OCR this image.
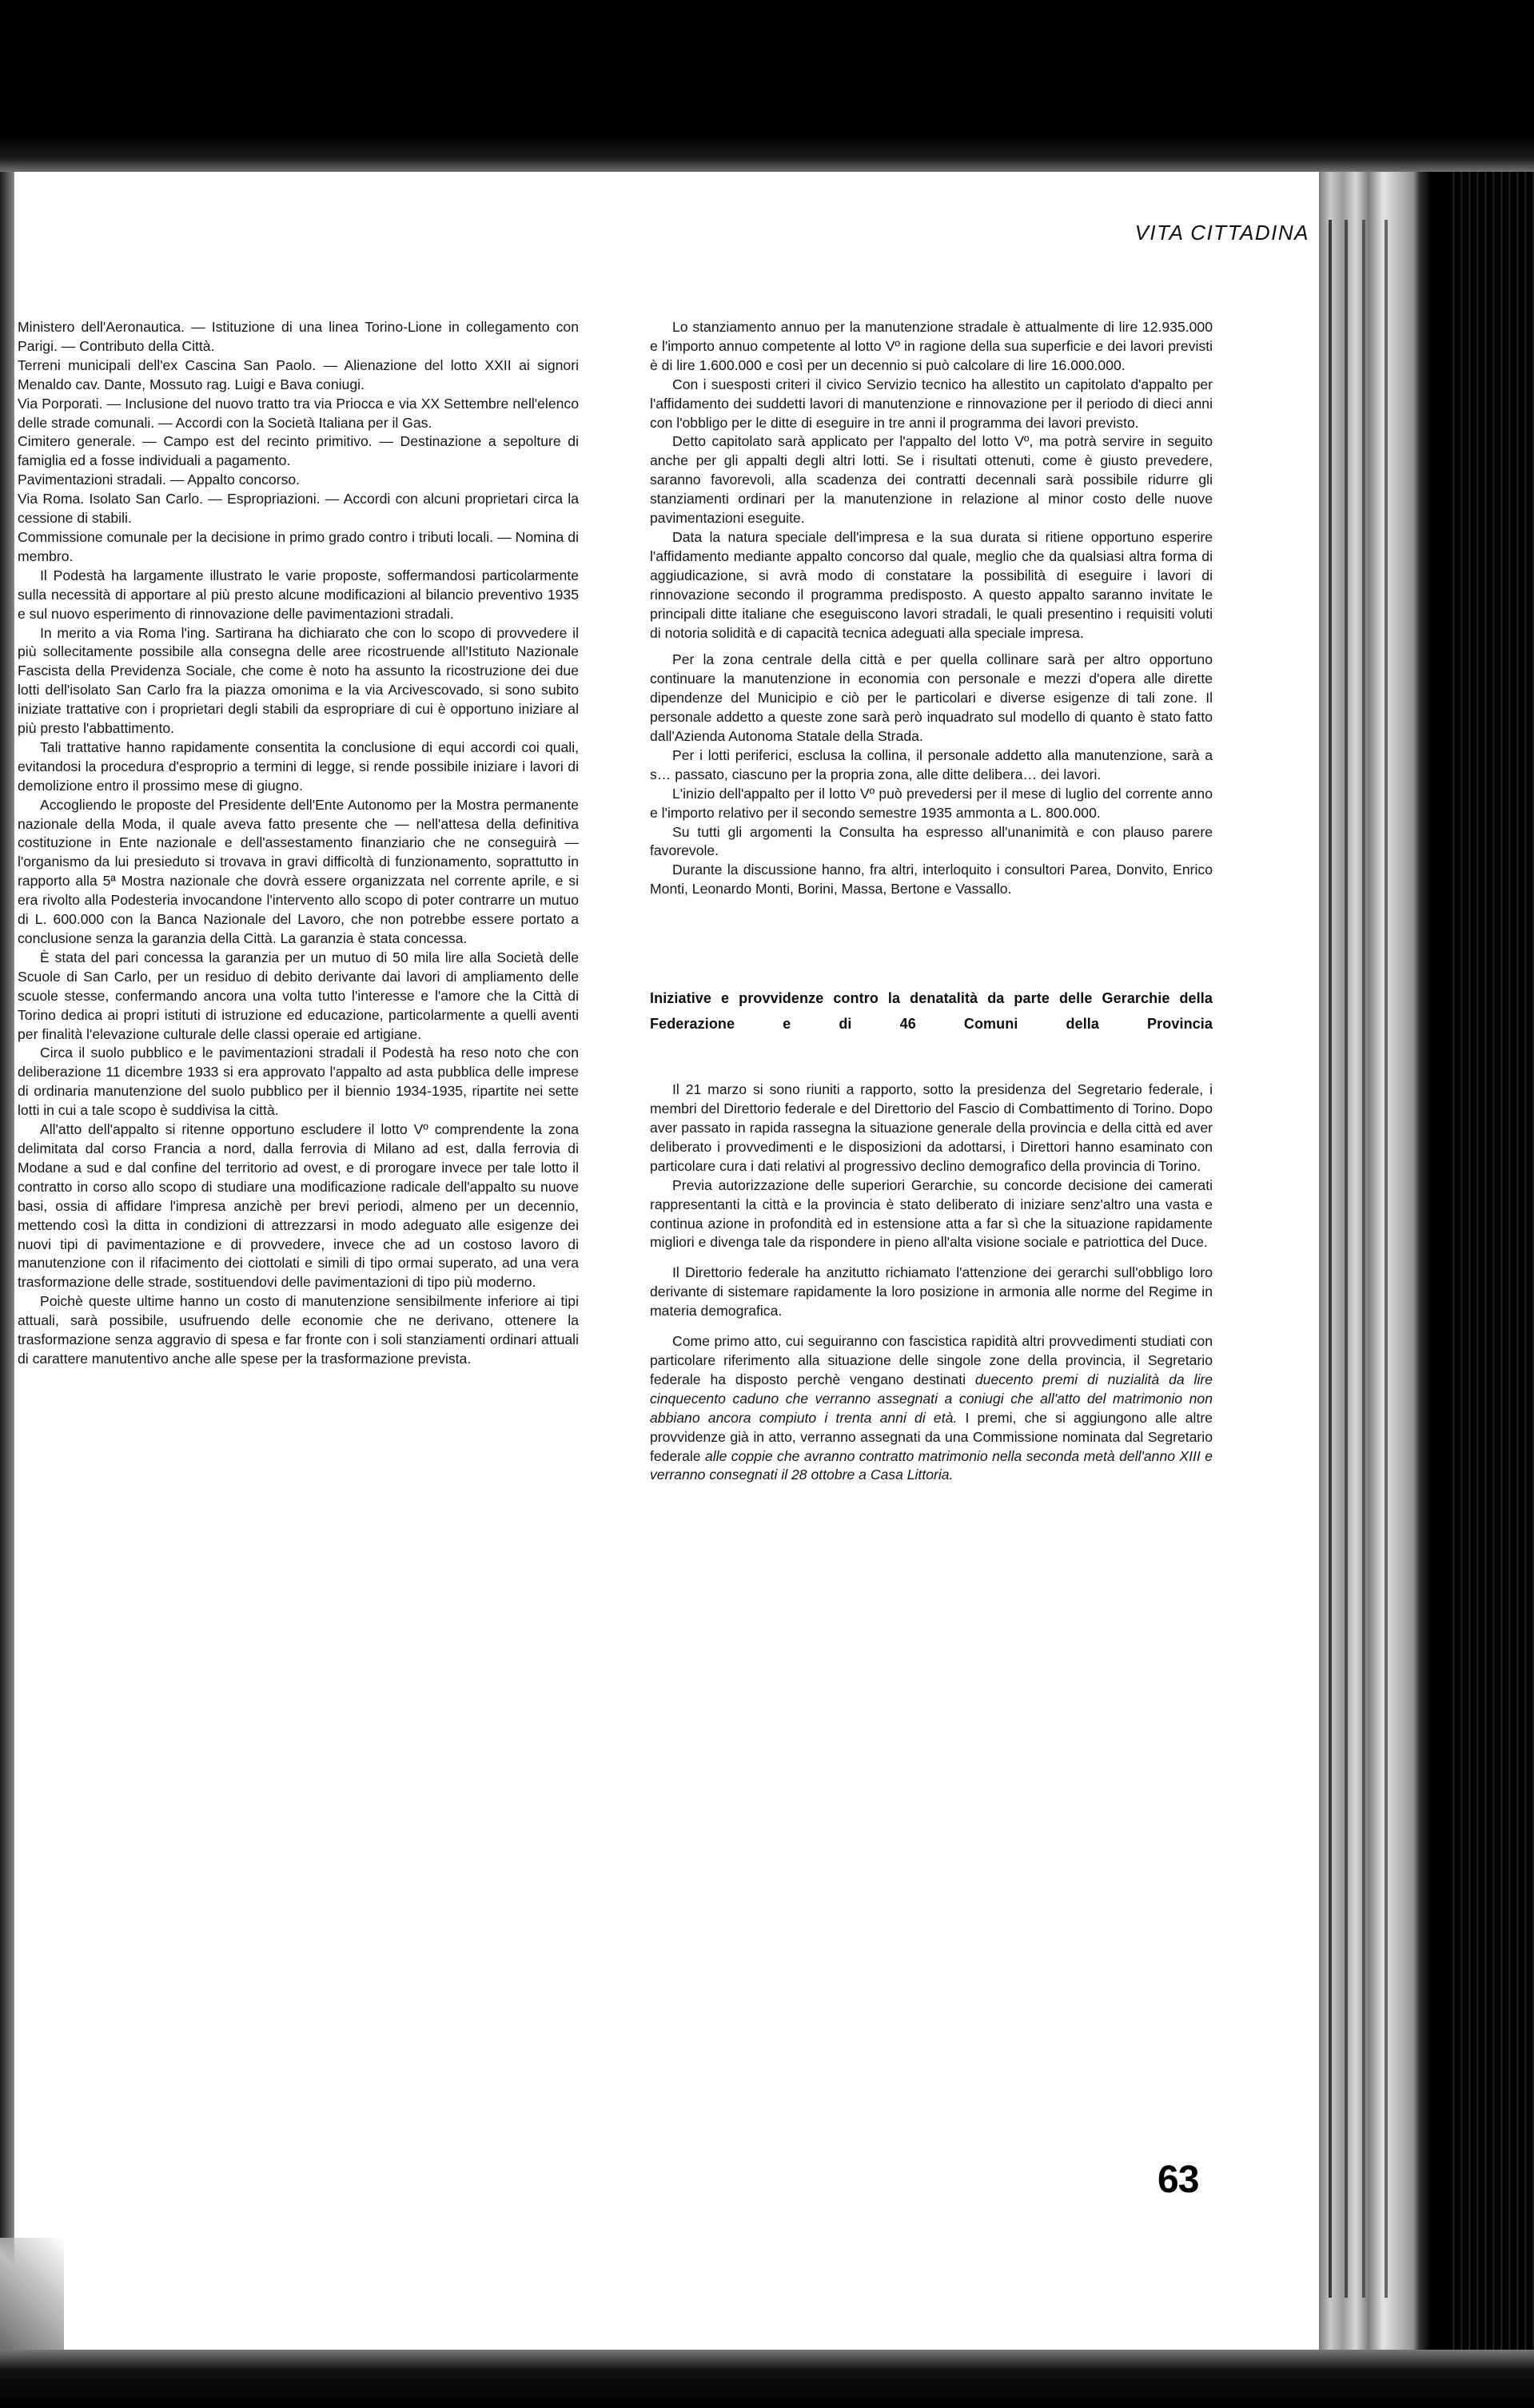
VITA CITTADINA

Ministero dell'Aeronautica. — Istituzione di una linea Torino-Lione in collegamento con Parigi. — Contributo della Città.

Terreni municipali dell'ex Cascina San Paolo. — Alienazione del lotto XXII ai signori Menaldo cav. Dante, Mossuto rag. Luigi e Bava coniugi.

Via Porporati. — Inclusione del nuovo tratto tra via Priocca e via XX Settembre nell'elenco delle strade comunali. — Accordi con la Società Italiana per il Gas.

Cimitero generale. — Campo est del recinto primitivo. — Destinazione a sepolture di famiglia ed a fosse individuali a pagamento.

Pavimentazioni stradali. — Appalto concorso.

Via Roma. Isolato San Carlo. — Espropriazioni. — Accordi con alcuni proprietari circa la cessione di stabili.

Commissione comunale per la decisione in primo grado contro i tributi locali. — Nomina di membro.

Il Podestà ha largamente illustrato le varie proposte, soffermandosi particolarmente sulla necessità di apportare al più presto alcune modificazioni al bilancio preventivo 1935 e sul nuovo esperimento di rinnovazione delle pavimentazioni stradali.

In merito a via Roma l'ing. Sartirana ha dichiarato che con lo scopo di provvedere il più sollecitamente possibile alla consegna delle aree ricostruende all'Istituto Nazionale Fascista della Previdenza Sociale, che come è noto ha assunto la ricostruzione dei due lotti dell'isolato San Carlo fra la piazza omonima e la via Arcivescovado, si sono subito iniziate trattative con i proprietari degli stabili da espropriare di cui è opportuno iniziare al più presto l'abbattimento.

Tali trattative hanno rapidamente consentita la conclusione di equi accordi coi quali, evitandosi la procedura d'esproprio a termini di legge, si rende possibile iniziare i lavori di demolizione entro il prossimo mese di giugno.

Accogliendo le proposte del Presidente dell'Ente Autonomo per la Mostra permanente nazionale della Moda, il quale aveva fatto presente che — nell'attesa della definitiva costituzione in Ente nazionale e dell'assestamento finanziario che ne conseguirà — l'organismo da lui presieduto si trovava in gravi difficoltà di funzionamento, soprattutto in rapporto alla 5ª Mostra nazionale che dovrà essere organizzata nel corrente aprile, e si era rivolto alla Podesteria invocandone l'intervento allo scopo di poter contrarre un mutuo di L. 600.000 con la Banca Nazionale del Lavoro, che non potrebbe essere portato a conclusione senza la garanzia della Città. La garanzia è stata concessa.

È stata del pari concessa la garanzia per un mutuo di 50 mila lire alla Società delle Scuole di San Carlo, per un residuo di debito derivante dai lavori di ampliamento delle scuole stesse, confermando ancora una volta tutto l'interesse e l'amore che la Città di Torino dedica ai propri istituti di istruzione ed educazione, particolarmente a quelli aventi per finalità l'elevazione culturale delle classi operaie ed artigiane.

Circa il suolo pubblico e le pavimentazioni stradali il Podestà ha reso noto che con deliberazione 11 dicembre 1933 si era approvato l'appalto ad asta pubblica delle imprese di ordinaria manutenzione del suolo pubblico per il biennio 1934-1935, ripartite nei sette lotti in cui a tale scopo è suddivisa la città.

All'atto dell'appalto si ritenne opportuno escludere il lotto Vº comprendente la zona delimitata dal corso Francia a nord, dalla ferrovia di Milano ad est, dalla ferrovia di Modane a sud e dal confine del territorio ad ovest, e di prorogare invece per tale lotto il contratto in corso allo scopo di studiare una modificazione radicale dell'appalto su nuove basi, ossia di affidare l'impresa anzichè per brevi periodi, almeno per un decennio, mettendo così la ditta in condizioni di attrezzarsi in modo adeguato alle esigenze dei nuovi tipi di pavimentazione e di provvedere, invece che ad un costoso lavoro di manutenzione con il rifacimento dei ciottolati e simili di tipo ormai superato, ad una vera trasformazione delle strade, sostituendovi delle pavimentazioni di tipo più moderno.

Poichè queste ultime hanno un costo di manutenzione sensibilmente inferiore ai tipi attuali, sarà possibile, usufruendo delle economie che ne derivano, ottenere la trasformazione senza aggravio di spesa e far fronte con i soli stanziamenti ordinari attuali di carattere manutentivo anche alle spese per la trasformazione prevista.

Lo stanziamento annuo per la manutenzione stradale è attualmente di lire 12.935.000 e l'importo annuo competente al lotto Vº in ragione della sua superficie e dei lavori previsti è di lire 1.600.000 e così per un decennio si può calcolare di lire 16.000.000.

Con i suesposti criteri il civico Servizio tecnico ha allestito un capitolato d'appalto per l'affidamento dei suddetti lavori di manutenzione e rinnovazione per il periodo di dieci anni con l'obbligo per le ditte di eseguire in tre anni il programma dei lavori previsto.

Detto capitolato sarà applicato per l'appalto del lotto Vº, ma potrà servire in seguito anche per gli appalti degli altri lotti. Se i risultati ottenuti, come è giusto prevedere, saranno favorevoli, alla scadenza dei contratti decennali sarà possibile ridurre gli stanziamenti ordinari per la manutenzione in relazione al minor costo delle nuove pavimentazioni eseguite.

Data la natura speciale dell'impresa e la sua durata si ritiene opportuno esperire l'affidamento mediante appalto concorso dal quale, meglio che da qualsiasi altra forma di aggiudicazione, si avrà modo di constatare la possibilità di eseguire i lavori di rinnovazione secondo il programma predisposto. A questo appalto saranno invitate le principali ditte italiane che eseguiscono lavori stradali, le quali presentino i requisiti voluti di notoria solidità e di capacità tecnica adeguati alla speciale impresa.

Per la zona centrale della città e per quella collinare sarà per altro opportuno continuare la manutenzione in economia con personale e mezzi d'opera alle dirette dipendenze del Municipio e ciò per le particolari e diverse esigenze di tali zone. Il personale addetto a queste zone sarà però inquadrato sul modello di quanto è stato fatto dall'Azienda Autonoma Statale della Strada.

Per i lotti periferici, esclusa la collina, il personale addetto alla manutenzione, sarà a s… passato, ciascuno per la propria zona, alle ditte delibera… dei lavori.

L'inizio dell'appalto per il lotto Vº può prevedersi per il mese di luglio del corrente anno e l'importo relativo per il secondo semestre 1935 ammonta a L. 800.000.

Su tutti gli argomenti la Consulta ha espresso all'unanimità e con plauso parere favorevole.

Durante la discussione hanno, fra altri, interloquito i consultori Parea, Donvito, Enrico Monti, Leonardo Monti, Borini, Massa, Bertone e Vassallo.

Iniziative e provvidenze contro la denatalità da parte delle Gerarchie della Federazione e di 46 Comuni della Provincia

Il 21 marzo si sono riuniti a rapporto, sotto la presidenza del Segretario federale, i membri del Direttorio federale e del Direttorio del Fascio di Combattimento di Torino. Dopo aver passato in rapida rassegna la situazione generale della provincia e della città ed aver deliberato i provvedimenti e le disposizioni da adottarsi, i Direttori hanno esaminato con particolare cura i dati relativi al progressivo declino demografico della provincia di Torino.

Previa autorizzazione delle superiori Gerarchie, su concorde decisione dei camerati rappresentanti la città e la provincia è stato deliberato di iniziare senz'altro una vasta e continua azione in profondità ed in estensione atta a far sì che la situazione rapidamente migliori e divenga tale da rispondere in pieno all'alta visione sociale e patriottica del Duce.

Il Direttorio federale ha anzitutto richiamato l'attenzione dei gerarchi sull'obbligo loro derivante di sistemare rapidamente la loro posizione in armonia alle norme del Regime in materia demografica.

Come primo atto, cui seguiranno con fascistica rapidità altri provvedimenti studiati con particolare riferimento alla situazione delle singole zone della provincia, il Segretario federale ha disposto perchè vengano destinati duecento premi di nuzialità da lire cinquecento caduno che verranno assegnati a coniugi che all'atto del matrimonio non abbiano ancora compiuto i trenta anni di età. I premi, che si aggiungono alle altre provvidenze già in atto, verranno assegnati da una Commissione nominata dal Segretario federale alle coppie che avranno contratto matrimonio nella seconda metà dell'anno XIII e verranno consegnati il 28 ottobre a Casa Littoria.

63
